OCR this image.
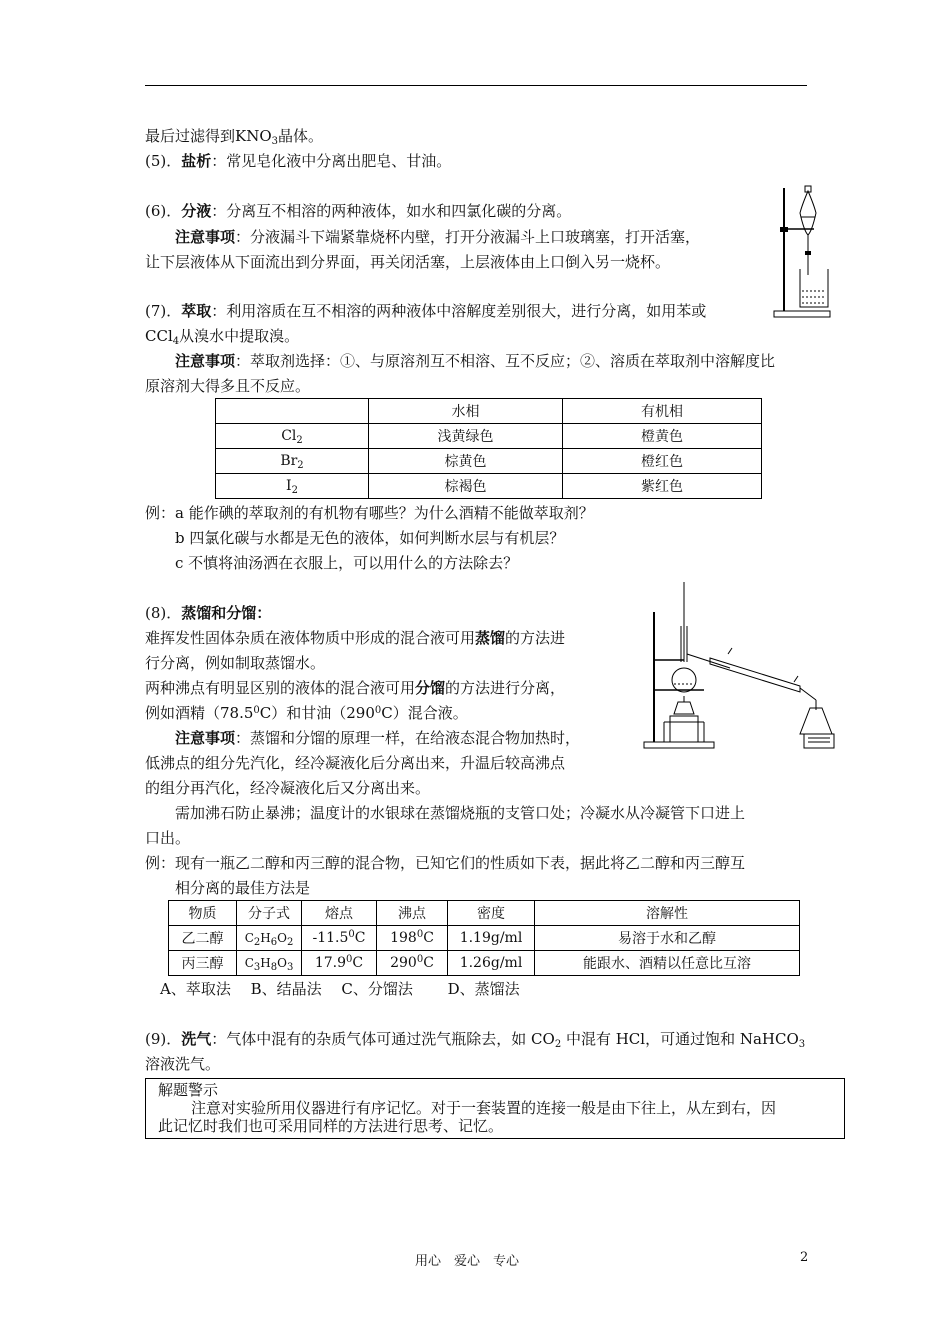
最后过滤得到$KNO_3$晶体。
(5)．盐析：常见皂化液中分离出肥皂、甘油。
(6)．分液：分离互不相溶的两种液体，如水和四氯化碳的分离。
注意事项：分液漏斗下端紧靠烧杯内壁，打开分液漏斗上口玻璃塞，打开活塞，
让下层液体从下面流出到分界面，再关闭活塞，上层液体由上口倒入另一烧杯。
(7)．萃取：利用溶质在互不相溶的两种液体中溶解度差别很大，进行分离，如用苯或
CCl$_4$从溴水中提取溴。
注意事项：萃取剂选择：①、与原溶剂互不相溶、互不反应；②、溶质在萃取剂中溶解度比
原溶剂大得多且不反应。
	水相	有机相
$Cl_2$	浅黄绿色	橙黄色
$Br_2$	棕黄色	橙红色
$I_2$	棕褐色	紫红色
例：a 能作碘的萃取剂的有机物有哪些？为什么酒精不能做萃取剂？
b 四氯化碳与水都是无色的液体，如何判断水层与有机层？
c 不慎将油汤洒在衣服上，可以用什么的方法除去？
(8)．蒸馏和分馏：
难挥发性固体杂质在液体物质中形成的混合液可用蒸馏的方法进
行分离，例如制取蒸馏水。
两种沸点有明显区别的液体的混合液可用分馏的方法进行分离，
例如酒精（78.5$^0$C）和甘油$(290^0C)$混合液。
注意事项：蒸馏和分馏的原理一样，在给液态混合物加热时，
低沸点的组分先汽化，经冷凝液化后分离出来，升温后较高沸点
的组分再汽化，经冷凝液化后又分离出来。
需加沸石防止暴沸；温度计的水银球在蒸馏烧瓶的支管口处；冷凝水从冷凝管下口进上
口出。
例：现有一瓶乙二醇和丙三醇的混合物，已知它们的性质如下表，据此将乙二醇和丙三醇互
相分离的最佳方法是
物质	分子式	熔点	沸点	密度	溶解性
乙二醇	$C_2H_6O_2$	-11.5$^0$C	$198^0C$	1.19g/ml	易溶于水和乙醇
丙三醇	$C_3H_8O_3$	17.9$^0$C	$290^0C$	1.26g/ml	能跟水、酒精以任意比互溶
A、萃取法　 B、结晶法　 C、分馏法　　 D、蒸馏法
(9)．洗气：气体中混有的杂质气体可通过洗气瓶除去，如 $CO_2$ 中混有 HCl，可通过饱和 NaHCO$_3$
溶液洗气。
解题警示
注意对实验所用仪器进行有序记忆。对于一套装置的连接一般是由下往上，从左到右，因
此记忆时我们也可采用同样的方法进行思考、记忆。
用心　爱心　专心	2
